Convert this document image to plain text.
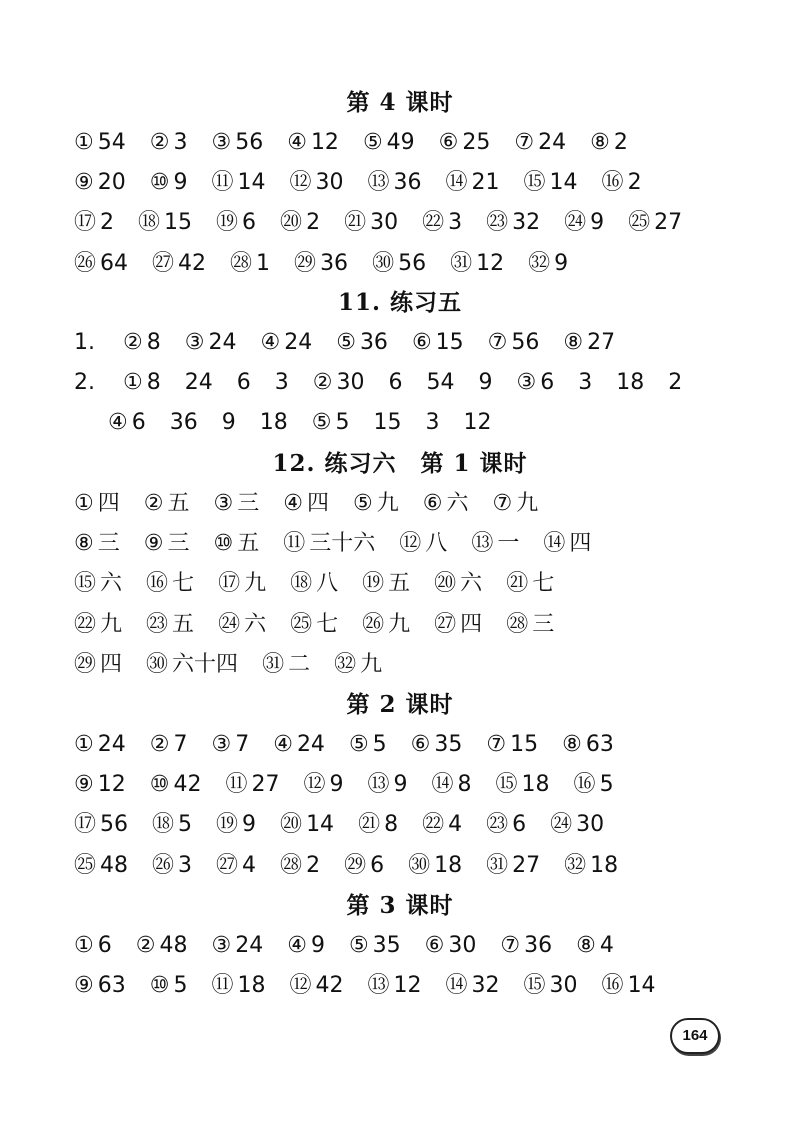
第 4 课时
① 54 ② 3 ③ 56 ④ 12 ⑤ 49 ⑥ 25 ⑦ 24 ⑧ 2
⑨ 20 ⑩ 9 ⑪ 14 ⑫ 30 ⑬ 36 ⑭ 21 ⑮ 14 ⑯ 2
⑰ 2 ⑱ 15 ⑲ 6 ⑳ 2 ㉑ 30 ㉒ 3 ㉓ 32 ㉔ 9 ㉕ 27
㉖ 64 ㉗ 42 ㉘ 1 ㉙ 36 ㉚ 56 ㉛ 12 ㉜ 9
11. 练习五
1. ② 8 ③ 24 ④ 24 ⑤ 36 ⑥ 15 ⑦ 56 ⑧ 27
2. ① 8 24 6 3 ② 30 6 54 9 ③ 6 3 18 2
④ 6 36 9 18 ⑤ 5 15 3 12
12. 练习六　第 1 课时
① 四 ② 五 ③ 三 ④ 四 ⑤ 九 ⑥ 六 ⑦ 九
⑧ 三 ⑨ 三 ⑩ 五 ⑪ 三十六 ⑫ 八 ⑬ 一 ⑭ 四
⑮ 六 ⑯ 七 ⑰ 九 ⑱ 八 ⑲ 五 ⑳ 六 ㉑ 七
㉒ 九 ㉓ 五 ㉔ 六 ㉕ 七 ㉖ 九 ㉗ 四 ㉘ 三
㉙ 四 ㉚ 六十四 ㉛ 二 ㉜ 九
第 2 课时
① 24 ② 7 ③ 7 ④ 24 ⑤ 5 ⑥ 35 ⑦ 15 ⑧ 63
⑨ 12 ⑩ 42 ⑪ 27 ⑫ 9 ⑬ 9 ⑭ 8 ⑮ 18 ⑯ 5
⑰ 56 ⑱ 5 ⑲ 9 ⑳ 14 ㉑ 8 ㉒ 4 ㉓ 6 ㉔ 30
㉕ 48 ㉖ 3 ㉗ 4 ㉘ 2 ㉙ 6 ㉚ 18 ㉛ 27 ㉜ 18
第 3 课时
① 6 ② 48 ③ 24 ④ 9 ⑤ 35 ⑥ 30 ⑦ 36 ⑧ 4
⑨ 63 ⑩ 5 ⑪ 18 ⑫ 42 ⑬ 12 ⑭ 32 ⑮ 30 ⑯ 14
164
